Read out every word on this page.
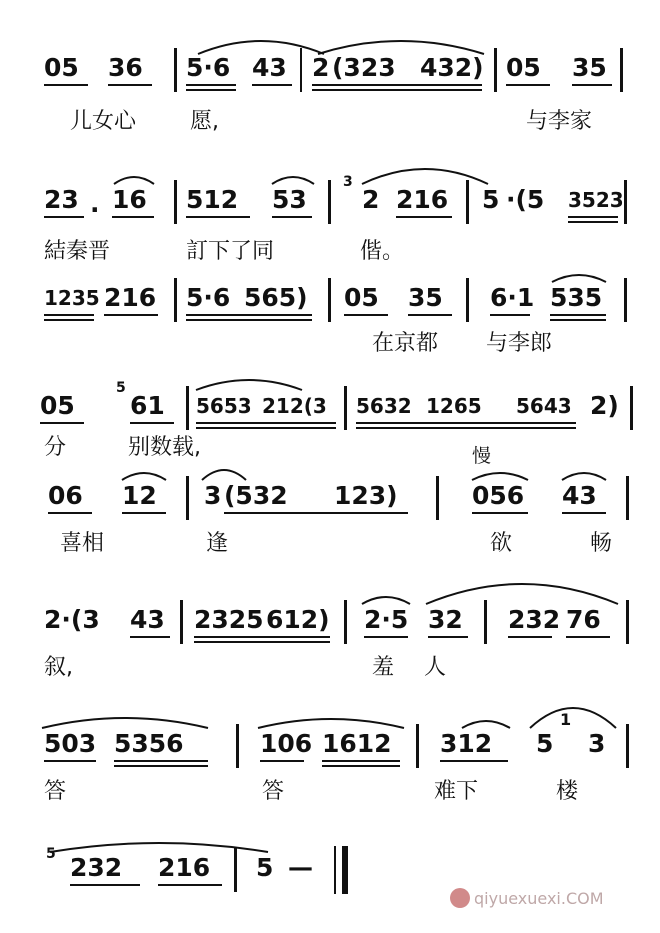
05 36 5·6 43 2 (323 432) 05 35
儿女心 愿,	与李家
23 . 16 512 53
3
2 216 5 ·(5 3523
結秦晋	訂下了同	偕。
1235 216 5·6 565) 05 35 6·1 535
在京都 与李郎
05
5
61 5653 212(3 5632 1265 5643 2)
分	别数载,	慢
06 12 3 (532 123)	056 43
喜相	逢	欲	畅
2·(3 43 2325 612) 2·5 32 232 76
叙,	羞 人
503 5356	106 1612 312 5
1
3
答	答	难下	楼
5 232 216 5 —
qiyuexuexi.COM
